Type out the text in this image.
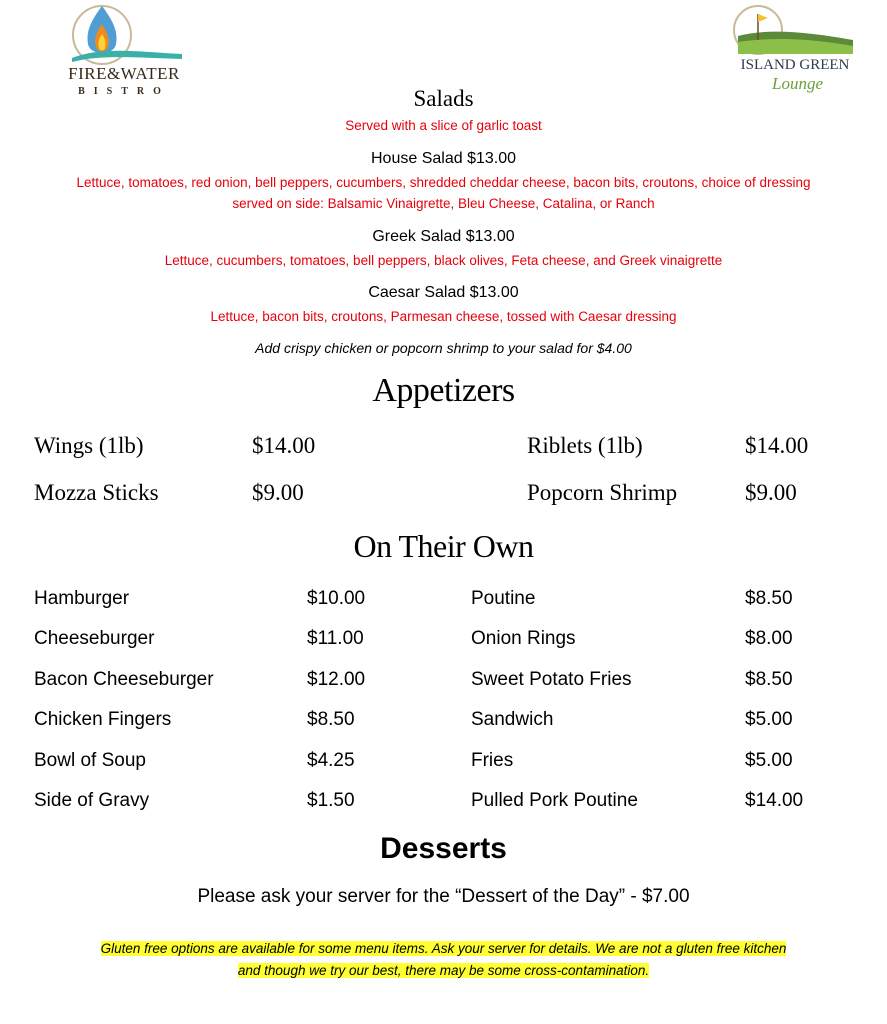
FIRE&WATER
BISTRO
ISLAND GREEN
Lounge
Salads
Served with a slice of garlic toast
House Salad $13.00
Lettuce, tomatoes, red onion, bell peppers, cucumbers, shredded cheddar cheese, bacon bits, croutons, choice of dressing
served on side: Balsamic Vinaigrette, Bleu Cheese, Catalina, or Ranch
Greek Salad $13.00
Lettuce, cucumbers, tomatoes, bell peppers, black olives, Feta cheese, and Greek vinaigrette
Caesar Salad $13.00
Lettuce, bacon bits, croutons, Parmesan cheese, tossed with Caesar dressing
Add crispy chicken or popcorn shrimp to your salad for $4.00
Appetizers
Wings (1lb)	$14.00	Riblets (1lb)	$14.00
Mozza Sticks	$9.00	Popcorn Shrimp	$9.00
On Their Own
Hamburger	$10.00	Poutine	$8.50
Cheeseburger	$11.00	Onion Rings	$8.00
Bacon Cheeseburger	$12.00	Sweet Potato Fries	$8.50
Chicken Fingers	$8.50	Sandwich	$5.00
Bowl of Soup	$4.25	Fries	$5.00
Side of Gravy	$1.50	Pulled Pork Poutine	$14.00
Desserts
Please ask your server for the “Dessert of the Day” - $7.00
Gluten free options are available for some menu items. Ask your server for details. We are not a gluten free kitchen
and though we try our best, there may be some cross-contamination.
